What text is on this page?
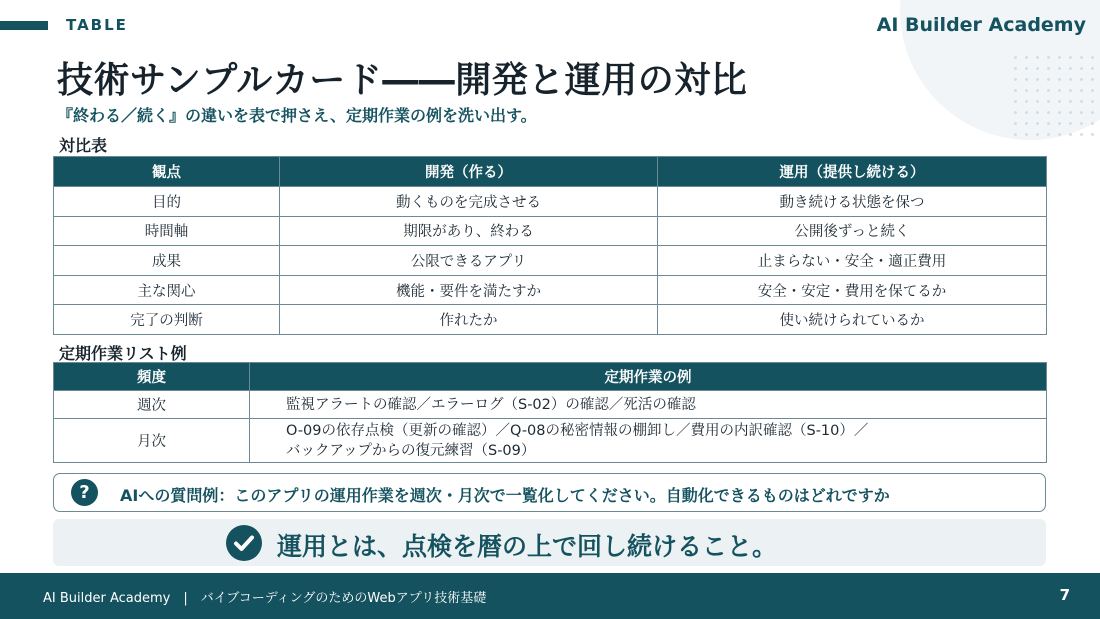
TABLE	AI Builder Academy
技術サンプルカード――開発と運用の対比
『終わる／続く』の違いを表で押さえ、定期作業の例を洗い出す。
対比表
観点	開発（作る）	運用（提供し続ける）
目的	動くものを完成させる	動き続ける状態を保つ
時間軸	期限があり、終わる	公開後ずっと続く
成果	公限できるアプリ	止まらない・安全・適正費用
主な関心	機能・要件を満たすか	安全・安定・費用を保てるか
完了の判断	作れたか	使い続けられているか
定期作業リスト例
頻度	定期作業の例
週次	監視アラートの確認／エラーログ（S-02）の確認／死活の確認

月次	O-09の依存点検（更新の確認）／Q-08の秘密情報の棚卸し／費用の内訳確認（S-10）／
バックアップからの復元練習（S-09）
?	AIへの質問例：このアプリの運用作業を週次・月次で一覧化してください。自動化できるものはどれですか
運用とは、点検を暦の上で回し続けること。
AI Builder Academy　|　バイブコーディングのためのWebアプリ技術基礎	7
